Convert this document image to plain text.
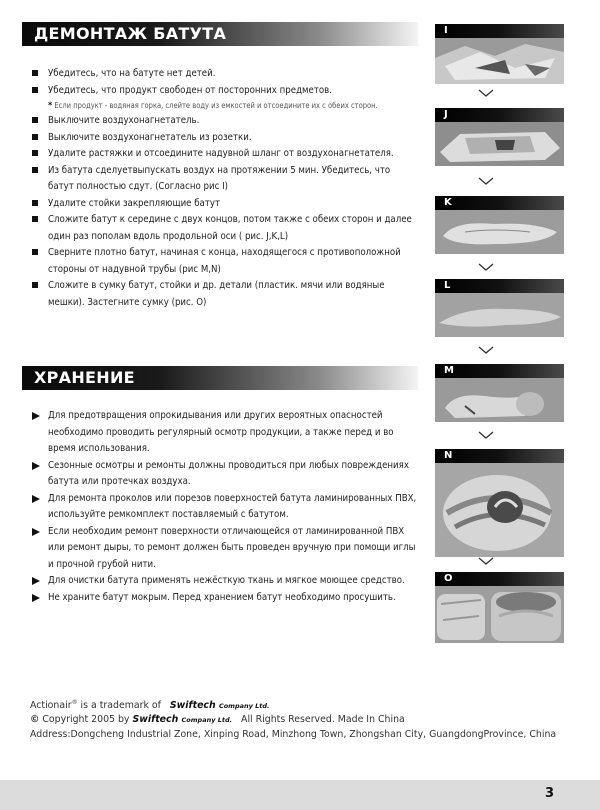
ДЕМОНТАЖ БАТУТА
Убедитесь, что на батуте нет детей.
Убедитесь, что продукт свободен от посторонних предметов.
* Если продукт - водяная горка, слейте воду из емкостей и отсоедините их с обеих сторон.
Выключите воздухонагнетатель.
Выключите воздухонагнетатель из розетки.
Удалите растяжки и отсоедините надувной шланг от воздухонагнетателя.
Из батута сделуетвыпускать воздух на протяжении 5 мин. Убедитесь, что батут полностью сдут. (Согласно рис I)
Удалите стойки закрепляющие батут
Сложите батут к середине с двух концов, потом также с обеих сторон и далее один раз пополам вдоль продольной оси ( рис. J,K,L)
Сверните плотно батут, начиная с конца, находящегося с противоположной стороны от надувной трубы (рис M,N)
Сложите в сумку батут, стойки и др. детали (пластик. мячи или водяные мешки). Застегните сумку (рис. О)
ХРАНЕНИЕ
Для предотвращения опрокидывания или других вероятных опасностей необходимо проводить регулярный осмотр продукции, а также перед и во время использования.
Сезонные осмотры и ремонты должны проводиться при любых повреждениях батута или протечках воздуха.
Для ремонта проколов или порезов поверхностей батута ламинированных ПВХ, используйте ремкомплект поставляемый с батутом.
Если необходим ремонт поверхности отличающейся от ламинированной ПВХ или ремонт дыры, то ремонт должен быть проведен вручную при помощи иглы и прочной грубой нити.
Для очистки батута применять нежёсткую ткань и мягкое моющее средство.
Не храните батут мокрым. Перед хранением батут необходимо просушить.
I
J
K
L
M
N
O
Actionair® is a trademark of Swiftech Company Ltd.
© Copyright 2005 by Swiftech Company Ltd. All Rights Reserved. Made In China
Address:Dongcheng Industrial Zone, Xinping Road, Minzhong Town, Zhongshan City, GuangdongProvince, China
3
